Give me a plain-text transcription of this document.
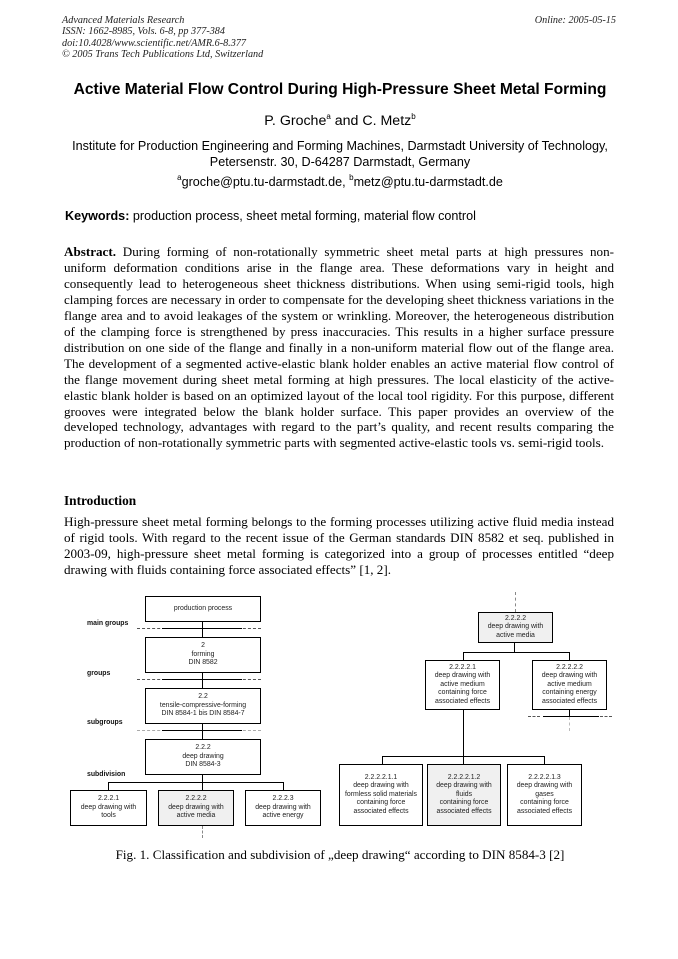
Advanced Materials Research
ISSN: 1662-8985, Vols. 6-8, pp 377-384
doi:10.4028/www.scientific.net/AMR.6-8.377
© 2005 Trans Tech Publications Ltd, Switzerland
Online: 2005-05-15
Active Material Flow Control During High-Pressure Sheet Metal Forming
P. Groche$^a$ and C. Metz$^b$
Institute for Production Engineering and Forming Machines, Darmstadt University of Technology,
Petersenstr. 30, D-64287 Darmstadt, Germany
$^a$groche@ptu.tu-darmstadt.de, $^b$metz@ptu.tu-darmstadt.de
Keywords: production process, sheet metal forming, material flow control
Abstract. During forming of non-rotationally symmetric sheet metal parts at high pressures non-uniform deformation conditions arise in the flange area. These deformations vary in height and consequently lead to heterogeneous sheet thickness distributions. When using semi-rigid tools, high clamping forces are necessary in order to compensate for the developing sheet thickness variations in the flange area and to avoid leakages of the system or wrinkling. Moreover, the heterogeneous distribution of the clamping force is strengthened by press inaccuracies. This results in a higher surface pressure distribution on one side of the flange and finally in a non-uniform material flow out of the flange area. The development of a segmented active-elastic blank holder enables an active material flow control of the flange movement during sheet metal forming at high pressures. The local elasticity of the active-elastic blank holder is based on an optimized layout of the local tool rigidity. For this purpose, different grooves were integrated below the blank holder surface. This paper provides an overview of the developed technology, advantages with regard to the part’s quality, and recent results comparing the production of non-rotationally symmetric parts with segmented active-elastic tools vs. semi-rigid tools.
Introduction
High-pressure sheet metal forming belongs to the forming processes utilizing active fluid media instead of rigid tools. With regard to the recent issue of the German standards DIN 8582 et seq. published in 2003-09, high-pressure sheet metal forming is categorized into a group of processes entitled “deep drawing with fluids containing force associated effects” [1, 2].
main groups
groups
subgroups
subdivision
production process
2
forming
DIN 8582
2.2
tensile-compressive-forming
DIN 8584-1 bis DIN 8584-7
2.2.2
deep drawing
DIN 8584-3
2.2.2.1
deep drawing with
tools
2.2.2.2
deep drawing with
active media
2.2.2.3
deep drawing with
active energy
2.2.2.2
deep drawing with
active media
2.2.2.2.1
deep drawing with
active medium
containing force
associated effects
2.2.2.2.2
deep drawing with
active medium
containing energy
associated effects
2.2.2.2.1.1
deep drawing with
formless solid materials
containing force
associated effects
2.2.2.2.1.2
deep drawing with
fluids
containing force
associated effects
2.2.2.2.1.3
deep drawing with
gases
containing force
associated effects
Fig. 1. Classification and subdivision of „deep drawing“ according to DIN 8584-3 [2]
